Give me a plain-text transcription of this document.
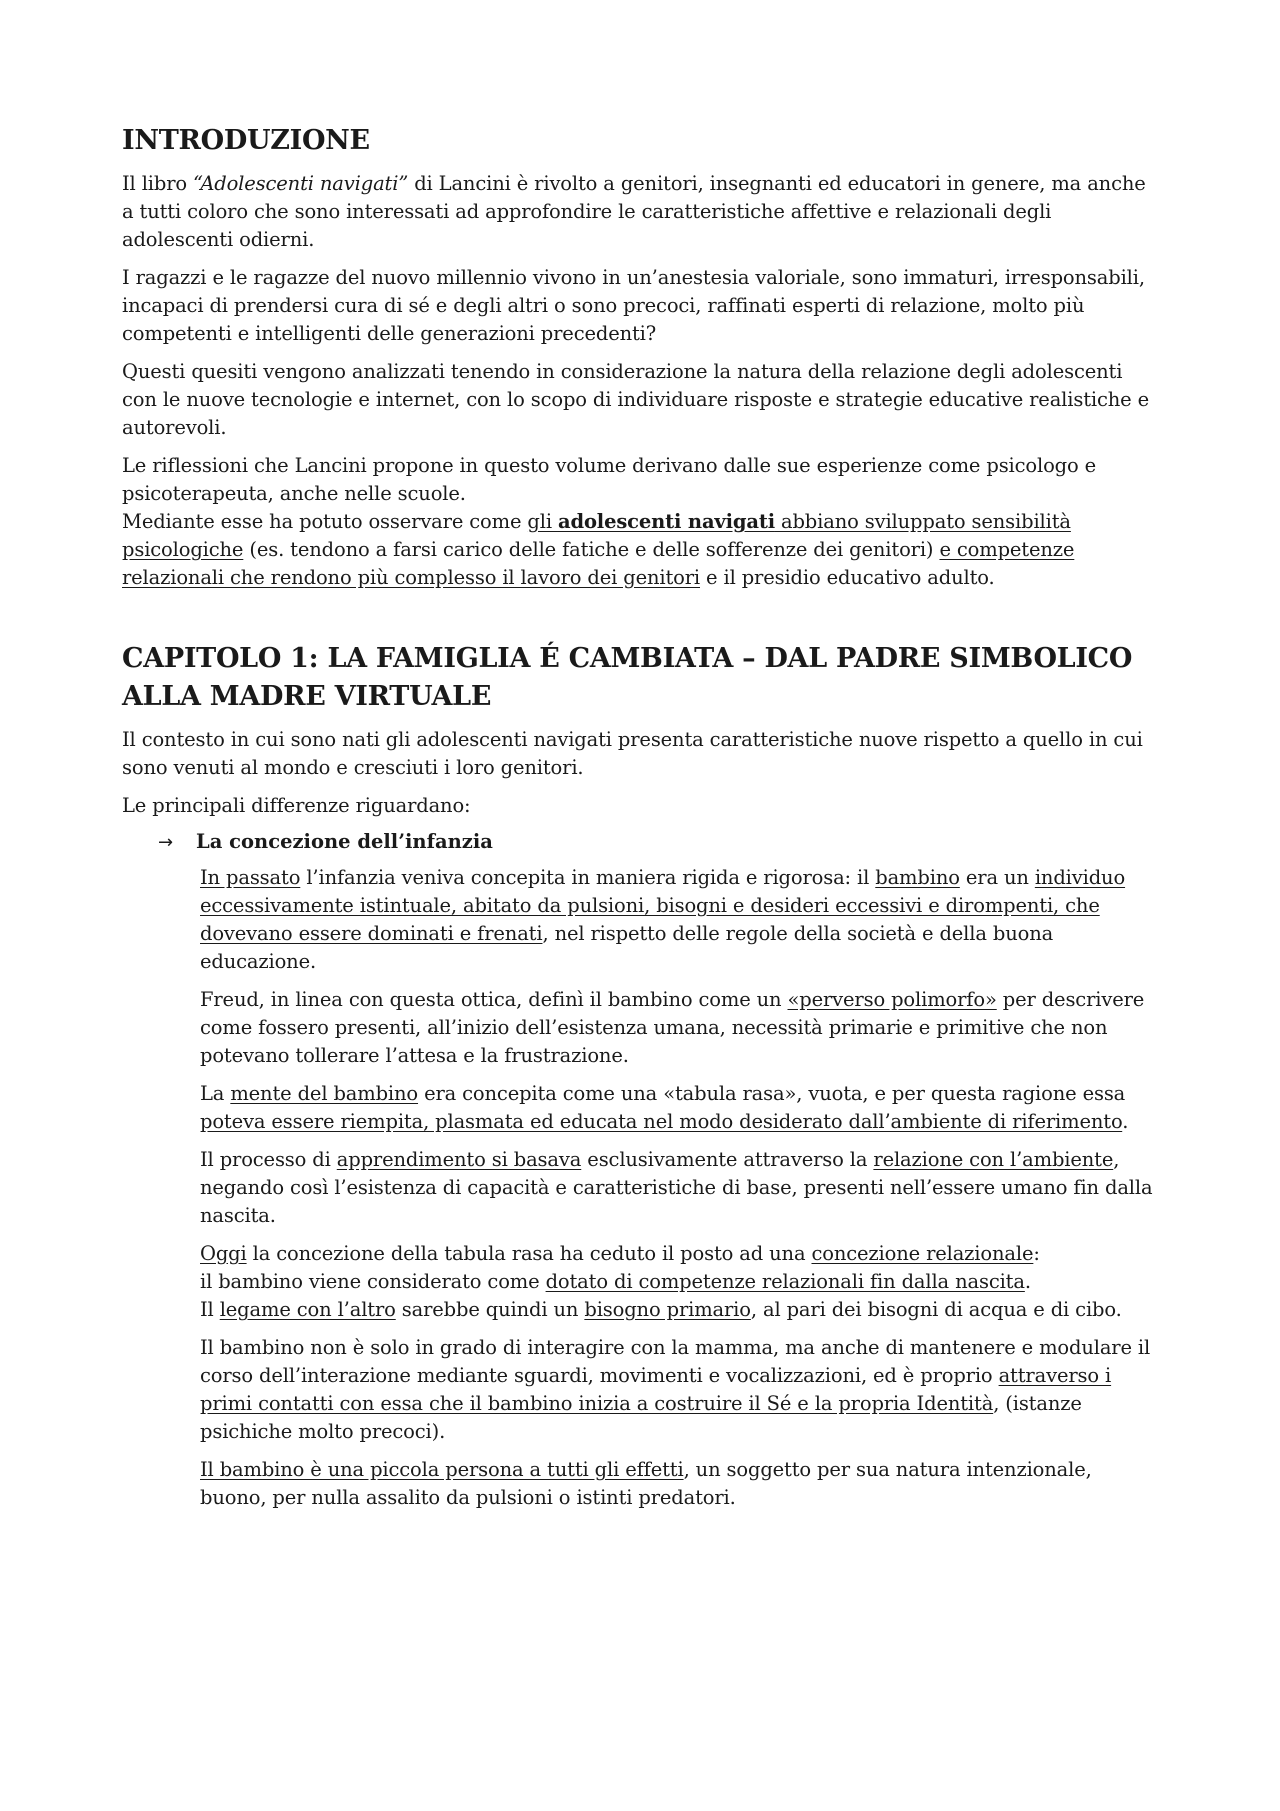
INTRODUZIONE

Il libro “Adolescenti navigati” di Lancini è rivolto a genitori, insegnanti ed educatori in genere, ma anche a tutti coloro che sono interessati ad approfondire le caratteristiche affettive e relazionali degli adolescenti odierni.

I ragazzi e le ragazze del nuovo millennio vivono in un’anestesia valoriale, sono immaturi, irresponsabili, incapaci di prendersi cura di sé e degli altri o sono precoci, raffinati esperti di relazione, molto più competenti e intelligenti delle generazioni precedenti?

Questi quesiti vengono analizzati tenendo in considerazione la natura della relazione degli adolescenti con le nuove tecnologie e internet, con lo scopo di individuare risposte e strategie educative realistiche e autorevoli.

Le riflessioni che Lancini propone in questo volume derivano dalle sue esperienze come psicologo e psicoterapeuta, anche nelle scuole.

Mediante esse ha potuto osservare come gli adolescenti navigati abbiano sviluppato sensibilità psicologiche (es. tendono a farsi carico delle fatiche e delle sofferenze dei genitori) e competenze relazionali che rendono più complesso il lavoro dei genitori e il presidio educativo adulto.

CAPITOLO 1: LA FAMIGLIA É CAMBIATA – DAL PADRE SIMBOLICO ALLA MADRE VIRTUALE

Il contesto in cui sono nati gli adolescenti navigati presenta caratteristiche nuove rispetto a quello in cui sono venuti al mondo e cresciuti i loro genitori.

Le principali differenze riguardano:

→	La concezione dell’infanzia

In passato l’infanzia veniva concepita in maniera rigida e rigorosa: il bambino era un individuo eccessivamente istintuale, abitato da pulsioni, bisogni e desideri eccessivi e dirompenti, che dovevano essere dominati e frenati, nel rispetto delle regole della società e della buona educazione.

Freud, in linea con questa ottica, definì il bambino come un «perverso polimorfo» per descrivere come fossero presenti, all’inizio dell’esistenza umana, necessità primarie e primitive che non potevano tollerare l’attesa e la frustrazione.

La mente del bambino era concepita come una «tabula rasa», vuota, e per questa ragione essa poteva essere riempita, plasmata ed educata nel modo desiderato dall’ambiente di riferimento.

Il processo di apprendimento si basava esclusivamente attraverso la relazione con l’ambiente, negando così l’esistenza di capacità e caratteristiche di base, presenti nell’essere umano fin dalla nascita.

Oggi la concezione della tabula rasa ha ceduto il posto ad una concezione relazionale:
il bambino viene considerato come dotato di competenze relazionali fin dalla nascita.
Il legame con l’altro sarebbe quindi un bisogno primario, al pari dei bisogni di acqua e di cibo.

Il bambino non è solo in grado di interagire con la mamma, ma anche di mantenere e modulare il corso dell’interazione mediante sguardi, movimenti e vocalizzazioni, ed è proprio attraverso i primi contatti con essa che il bambino inizia a costruire il Sé e la propria Identità, (istanze psichiche molto precoci).

Il bambino è una piccola persona a tutti gli effetti, un soggetto per sua natura intenzionale, buono, per nulla assalito da pulsioni o istinti predatori.
